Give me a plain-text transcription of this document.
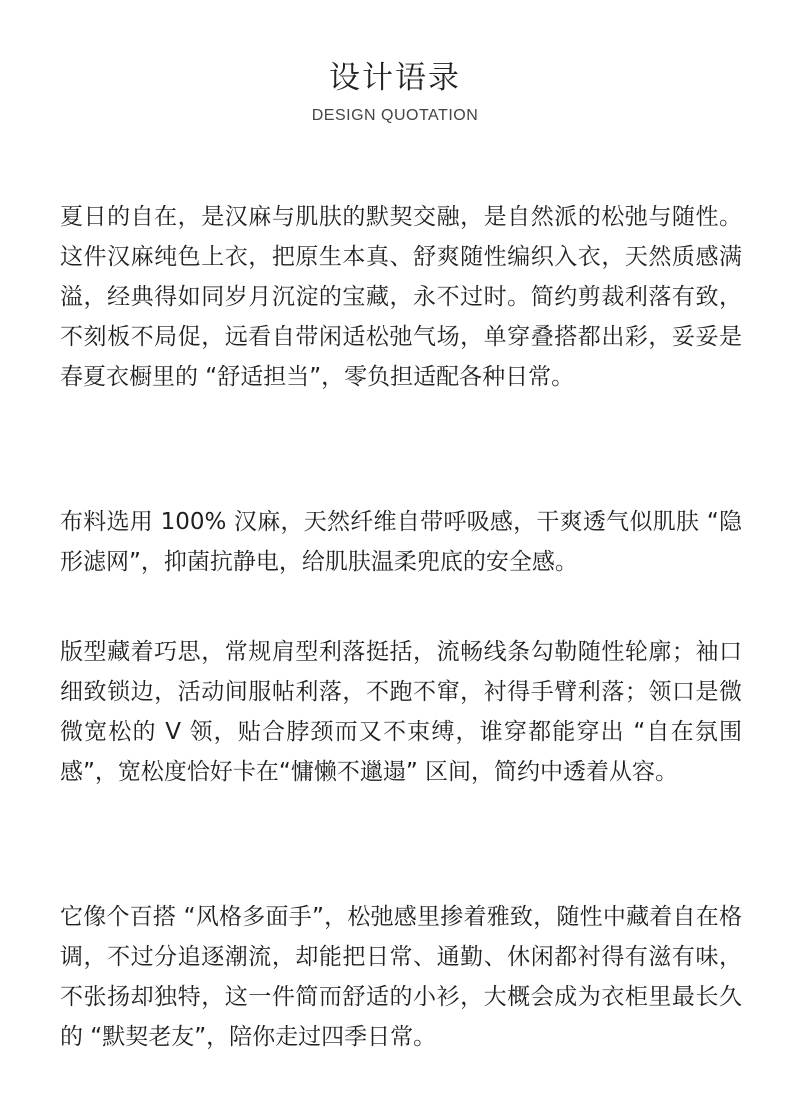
设计语录
DESIGN QUOTATION

夏日的自在，是汉麻与肌肤的默契交融，是自然派的松弛与随性。这件汉麻纯色上衣，把原生本真、舒爽随性编织入衣，天然质感满溢，经典得如同岁月沉淀的宝藏，永不过时。简约剪裁利落有致，不刻板不局促，远看自带闲适松弛气场，单穿叠搭都出彩，妥妥是春夏衣橱里的 “舒适担当”，零负担适配各种日常。

布料选用 100% 汉麻，天然纤维自带呼吸感，干爽透气似肌肤 “隐形滤网”，抑菌抗静电，给肌肤温柔兜底的安全感。

版型藏着巧思，常规肩型利落挺括，流畅线条勾勒随性轮廓；袖口细致锁边，活动间服帖利落，不跑不窜，衬得手臂利落；领口是微微宽松的 V 领，贴合脖颈而又不束缚，谁穿都能穿出 “自在氛围感”，宽松度恰好卡在“慵懒不邋遢” 区间，简约中透着从容。

它像个百搭 “风格多面手”，松弛感里掺着雅致，随性中藏着自在格调，不过分追逐潮流，却能把日常、通勤、休闲都衬得有滋有味，不张扬却独特，这一件简而舒适的小衫，大概会成为衣柜里最长久的 “默契老友”，陪你走过四季日常。
